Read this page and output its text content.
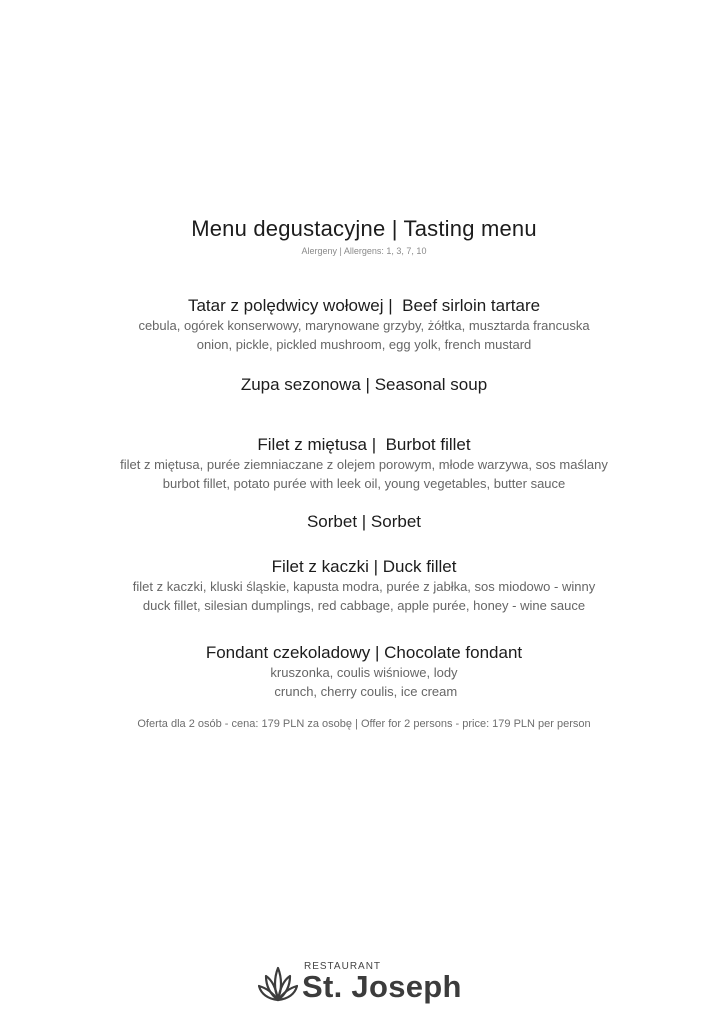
Menu degustacyjne | Tasting menu
Alergeny | Allergens: 1, 3, 7, 10
Tatar z polędwicy wołowej |  Beef sirloin tartare
cebula, ogórek konserwowy, marynowane grzyby, żółtka, musztarda francuska
onion, pickle, pickled mushroom, egg yolk, french mustard
Zupa sezonowa | Seasonal soup
Filet z miętusa |  Burbot fillet
filet z miętusa, purée ziemniaczane z olejem porowym, młode warzywa, sos maślany
burbot fillet, potato purée with leek oil, young vegetables, butter sauce
Sorbet | Sorbet
Filet z kaczki | Duck fillet
filet z kaczki, kluski śląskie, kapusta modra, purée z jabłka, sos miodowo - winny
duck fillet, silesian dumplings, red cabbage, apple purée, honey - wine sauce
Fondant czekoladowy | Chocolate fondant
kruszonka, coulis wiśniowe, lody
crunch, cherry coulis, ice cream
Oferta dla 2 osób - cena: 179 PLN za osobę | Offer for 2 persons - price: 179 PLN per person
RESTAURANT
St. Joseph
